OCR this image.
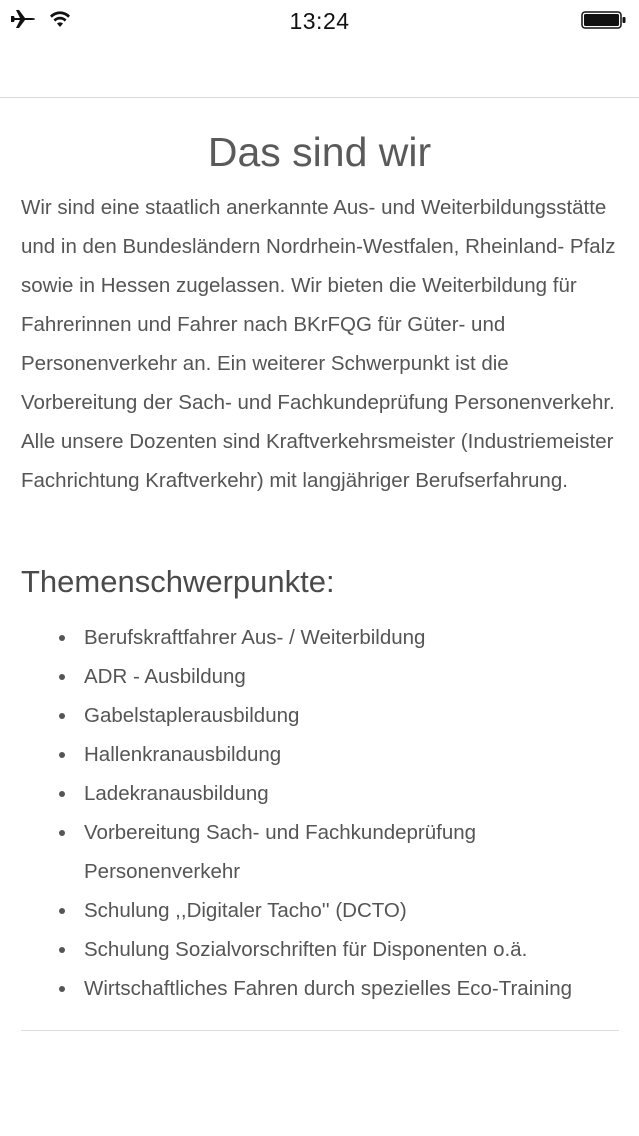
13:24
Das sind wir

Wir sind eine staatlich anerkannte Aus- und Weiterbildungsstätte und in den Bundesländern Nordrhein-Westfalen, Rheinland- Pfalz sowie in Hessen zugelassen. Wir bieten die Weiterbildung für Fahrerinnen und Fahrer nach BKrFQG für Güter- und Personenverkehr an. Ein weiterer Schwerpunkt ist die Vorbereitung der Sach- und Fachkundeprüfung Personenverkehr. Alle unsere Dozenten sind Kraftverkehrsmeister (Industriemeister Fachrichtung Kraftverkehr) mit langjähriger Berufserfahrung.

Themenschwerpunkte:
Berufskraftfahrer Aus- / Weiterbildung
ADR - Ausbildung
Gabelstaplerausbildung
Hallenkranausbildung
Ladekranausbildung
Vorbereitung Sach- und Fachkundeprüfung Personenverkehr
Schulung ,,Digitaler Tacho'' (DCTO)
Schulung Sozialvorschriften für Disponenten o.ä.
Wirtschaftliches Fahren durch spezielles Eco-Training
